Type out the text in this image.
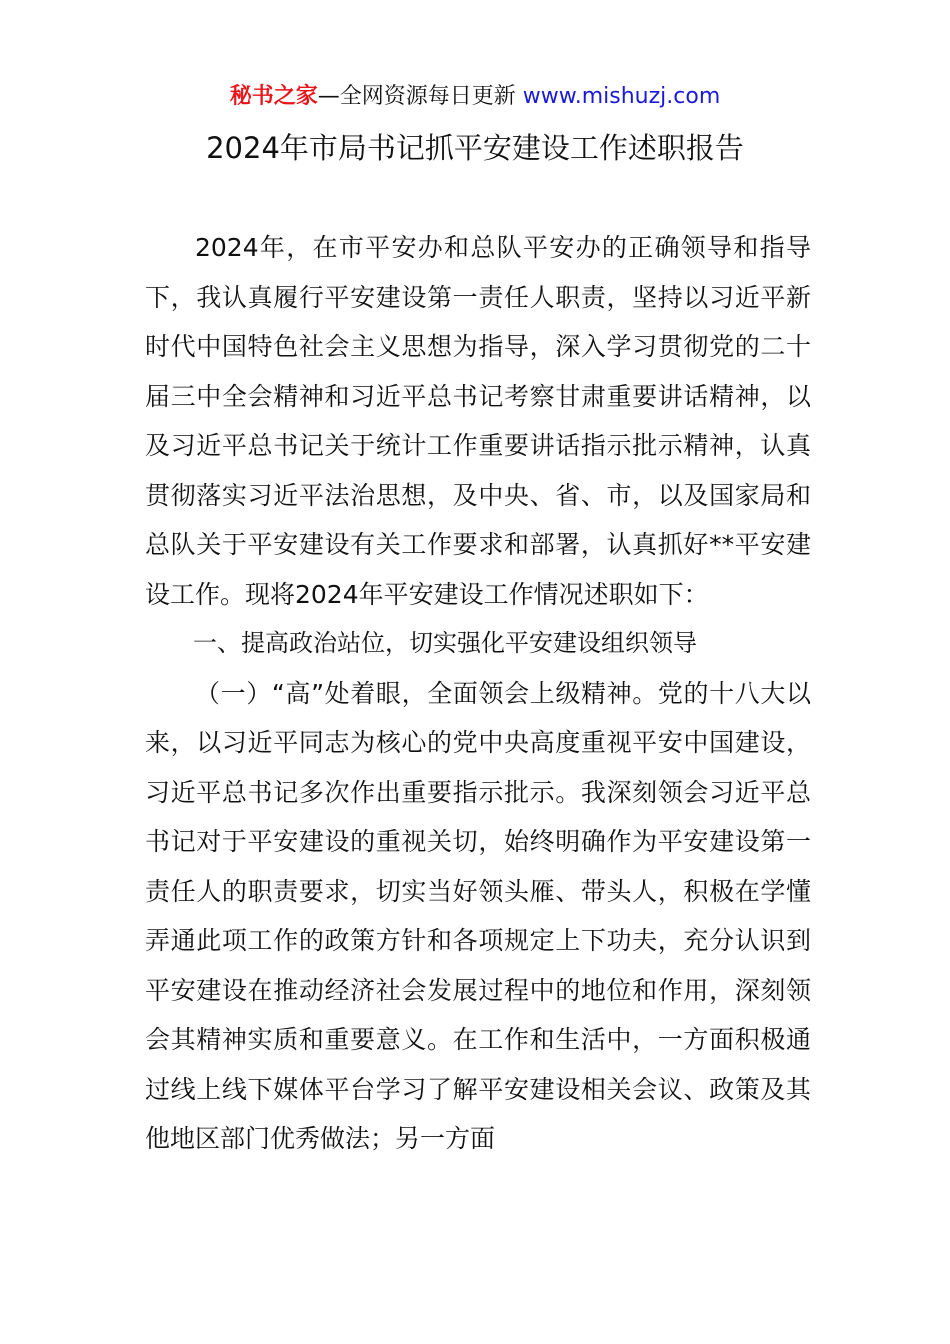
秘书之家—全网资源每日更新 www.mishuzj.com
2024年市局书记抓平安建设工作述职报告

2024年，在市平安办和总队平安办的正确领导和指导下，我认真履行平安建设第一责任人职责，坚持以习近平新时代中国特色社会主义思想为指导，深入学习贯彻党的二十届三中全会精神和习近平总书记考察甘肃重要讲话精神，以及习近平总书记关于统计工作重要讲话指示批示精神，认真贯彻落实习近平法治思想，及中央、省、市，以及国家局和总队关于平安建设有关工作要求和部署，认真抓好**平安建设工作。现将2024年平安建设工作情况述职如下：

一、提高政治站位，切实强化平安建设组织领导

（一）“高”处着眼，全面领会上级精神。党的十八大以来，以习近平同志为核心的党中央高度重视平安中国建设，习近平总书记多次作出重要指示批示。我深刻领会习近平总书记对于平安建设的重视关切，始终明确作为平安建设第一责任人的职责要求，切实当好领头雁、带头人，积极在学懂弄通此项工作的政策方针和各项规定上下功夫，充分认识到平安建设在推动经济社会发展过程中的地位和作用，深刻领会其精神实质和重要意义。在工作和生活中，一方面积极通过线上线下媒体平台学习了解平安建设相关会议、政策及其他地区部门优秀做法；另一方面
